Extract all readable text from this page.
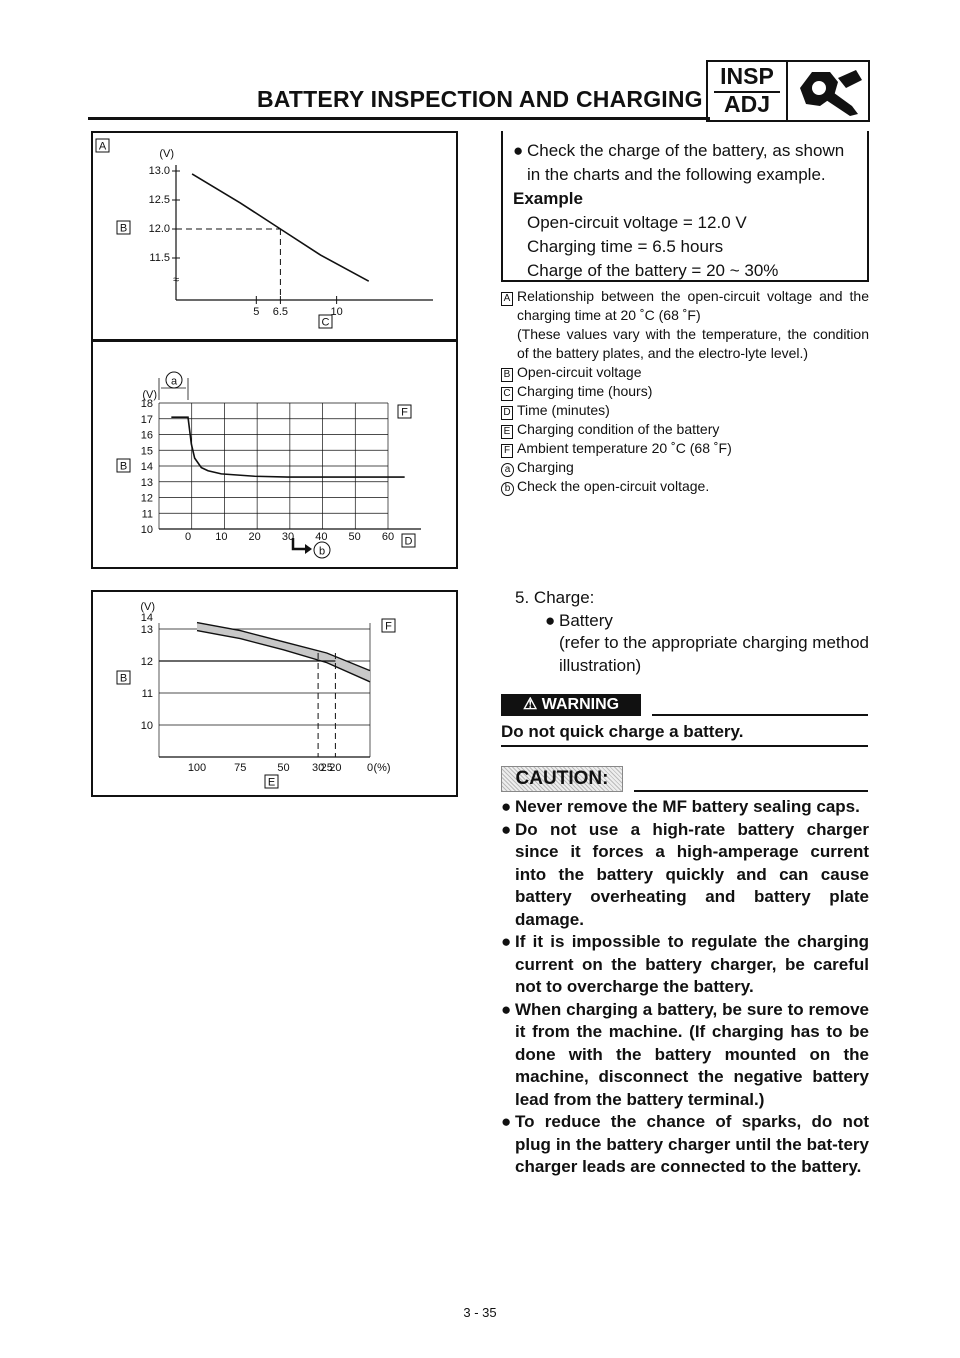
BATTERY INSPECTION AND CHARGING
INSP
ADJ
A
(V)
13.0
12.5
12.0
11.5
≈
5 6.5	10
B
C
(V)
18
17
16
15
14
13
12
11
10
0 10 20 30 40 50 60
a
F
B
D
b
(V)
14
13
12
11
10
100	75	50 30
25
20 0 (%)
F
B
E
● Check the charge of the battery, as shown in the charts and the following example.
Example
Open-circuit voltage = 12.0 V
Charging time = 6.5 hours
Charge of the battery = 20 ~ 30%
A Relationship between the open-circuit voltage and the charging time at 20 ˚C (68 ˚F)
(These values vary with the temperature, the condition of the battery plates, and the electro-lyte level.)
B Open-circuit voltage
C Charging time (hours)
D Time (minutes)
E Charging condition of the battery
F Ambient temperature 20 ˚C (68 ˚F)
a Charging
b Check the open-circuit voltage.
5. Charge:
● Battery
(refer to the appropriate charging method illustration)
⚠ WARNING
Do not quick charge a battery.
CAUTION:
● Never remove the MF battery sealing caps.
● Do not use a high-rate battery charger since it forces a high-amperage current into the battery quickly and can cause battery overheating and battery plate damage.
● If it is impossible to regulate the charging current on the battery charger, be careful not to overcharge the battery.
● When charging a battery, be sure to remove it from the machine. (If charging has to be done with the battery mounted on the machine, disconnect the negative battery lead from the battery terminal.)
● To reduce the chance of sparks, do not plug in the battery charger until the bat-tery charger leads are connected to the battery.
3 - 35
